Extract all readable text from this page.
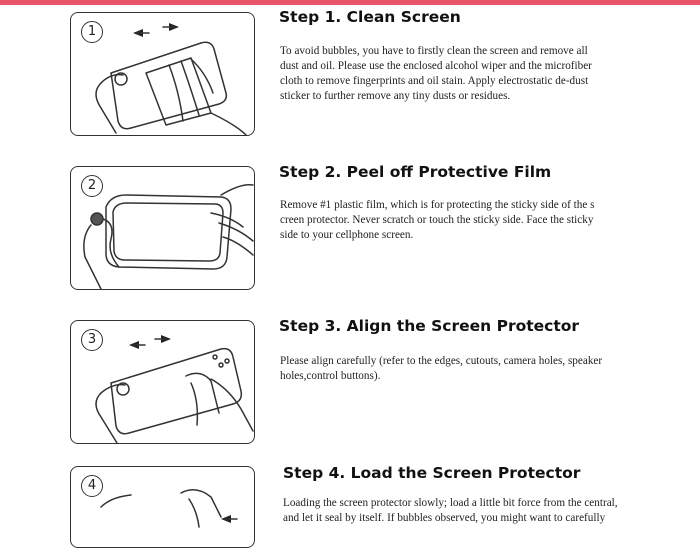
1
Step 1. Clean Screen
To avoid bubbles, you have to firstly clean the screen and remove all
dust and oil. Please use the enclosed alcohol wiper and the microfiber
cloth to remove fingerprints and oil stain. Apply electrostatic de-dust
sticker to further remove any tiny dusts or residues.
2
Step 2. Peel off Protective Film
Remove #1 plastic film, which is for protecting the sticky side of the s
creen protector. Never scratch or touch the sticky side. Face the sticky
side to your cellphone screen.
3
Step 3. Align the Screen Protector
Please align carefully (refer to the edges, cutouts, camera holes, speaker
holes,control buttons).
4
Step 4. Load the Screen Protector
Loading the screen protector slowly; load a little bit force from the central,
and let it seal by itself. If bubbles observed, you might want to carefully
